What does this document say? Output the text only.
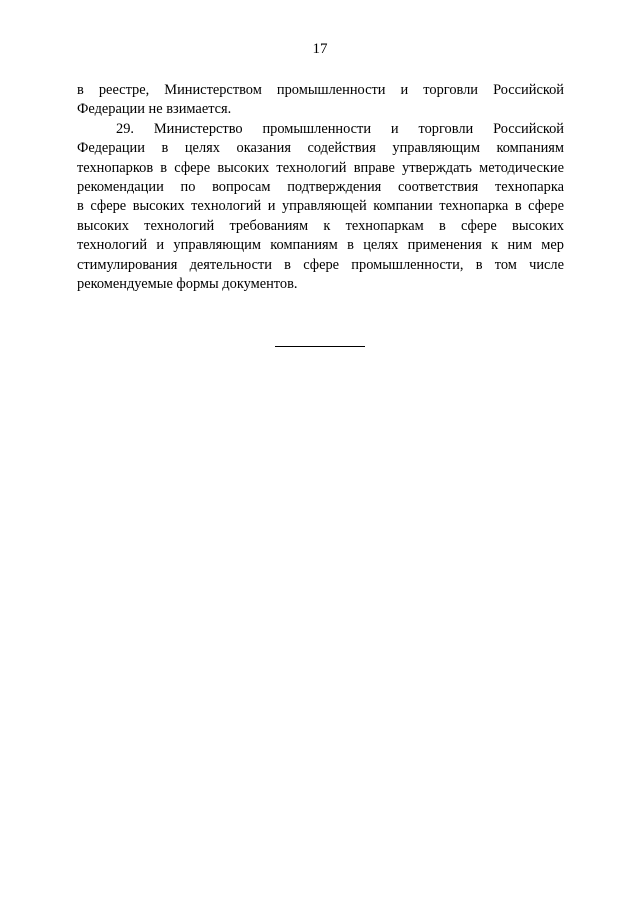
17
в реестре, Министерством промышленности и торговли Российской
Федерации не взимается.
29. Министерство промышленности и торговли Российской
Федерации в целях оказания содействия управляющим компаниям
технопарков в сфере высоких технологий вправе утверждать методические
рекомендации по вопросам подтверждения соответствия технопарка
в сфере высоких технологий и управляющей компании технопарка в сфере
высоких технологий требованиям к технопаркам в сфере высоких
технологий и управляющим компаниям в целях применения к ним мер
стимулирования деятельности в сфере промышленности, в том числе
рекомендуемые формы документов.
